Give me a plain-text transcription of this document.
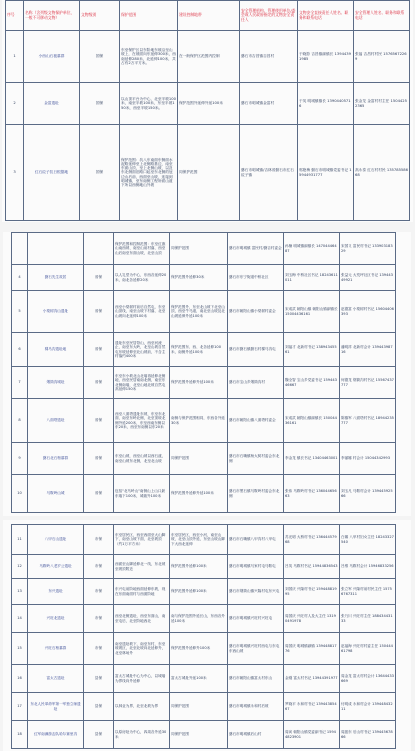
序号	名称（含列级文物保护单位，一般不可移动文物）	文物级别	保护范围	建设控制地带	安全管理机构、管理使用单位/委会或人民政府指定的文物安全责任人	文物安全直接责任人姓名、职务和联系电话	安全管理人姓名、职务和联系电话
1	小西山石板墓群	国保	东至保护区以东阶地东坡沿至山坡上，在坡面向东延伸300米，西南延伸280米，北延伸100米，共占有2万平方米。	在一般保护区范围内控制	磐石市吉昌镇吉昌村	于晓影 吉昌镇副镇长 13944391985	张福 吉昌村村民 15765672269
2	金富遗址	国保	以山顶平台为中心，北至半坡100米，南至半坡100米，东至半坡150米，西至半坡150米。	保护范围外延伸外延100米	磐石市明城镇金富村	于英 明城镇镇长 13904405716	张金龙 金富村村主任 15044252365
3	红石砬子抗日根据地	国保	保护范围：坑八东南面东侧面水泥路延伸至上北侧路基边，南至东面山顶，至上北侧山坡，以及东北侧面泊路口起至东北侧的冠边山后前，西面至山坡，连接到明城镇，至东南侧工程所面山道下所以西侧地山外坡	同保护范围	磐石市明城镇/吉林省磐石市红石砬子镇	郭艳梅 磐石市明城镇党委书记 15944931777	高永泰 红石村村民 13578558668
			保护范围和控制范围：东至红旗山南西坡、南至山前村落，西至山后南至东面山坡，北至山顶	同保护范围	磐石市明城镇 富民村/磐吉村委会	孙楠 明城镇副镇长 14704446487	宋国义 富民村书记 13390318329
4	磐石先生故居	省保	以人礼堂为中心，东西各延伸20米，南北各延伸20米	保护范围外延伸30米	磐石市东宁街道中桥社区	刘玉梅 中桥社区书记 18243611011	张益元 大荒坪社区书记 13944349921
5	小梨树沟山遗址	省保	西至小梨树村前后自然屯，东至山顶线，南至山坡下村落，北至山坡向北延伸100米	保护范围外，东至北山坡下北至山顶，西至牛马道，南北至山坡及北山坡延伸外延100米	磐石市朝阳山镇小梨树村委会	宋成武 朝阳山镇 朝阳山镇副镇长 15004436161	赵德富 小梨树村书记 15604406393
6	梯马沟遗址地	省保	遗址东至民居背山，西至河流止，南至东大岭，北至山坡自然屯东坡延伸至北山坡前，不含主村落约400米	保护范围东、西、北各延伸100米，南侧外延100米	磐石市磐石镇磐石村梯马沟屯	刘福才 北新村书记 13894345561	潘明祥 北新村会计 13944398716
7	烟筒沟城址	省保	东至东小坡北山北墙再延伸北侧地，西至民居南南北侧，南至东北侧南墙，北至山地北坡自然屯高延伸150米	保护范围外延伸外延100米	磐石市宝山乡烟筒沟村	魏全智 宝山乡党委书记 15944346667	何德龙 烟筒沟村书记 15567437777
8	八面塔遗址	省保	西至八面塔遗址东坡，东至东北面，南至东岭北侧，北至顶坡北侧外延200米，东至西南东侧以东20米，西至东南侧以东20米	南侧与保护范围相同，东西各外延30米	磐石市朝阳山镇八面塔村委会	宋成武 朝阳山镇副镇长 15004436161	陈镇军 八面塔村书记 18944235777
9	磐石北石棺墓群	省保	东至山坡，西至山坡以西石渡，南至山坡东北侧，北至北山坡	同保护范围	磐石市石嘴镇杨大树村委会东北侧	李金龙 镇长书记 13404463001	李丽娜 村会计 15044342993
10	马鞍岭山城	省保	包括"北马岭山"南侧山上山口最东墙下100米，城墙外100米	保护范围外延伸外延100米	磐石市黑石镇马鞍岭村委会东北侧	张伟 马鞍岭村书记 13604465663	刘玉凡 马鞍村会计 13944592566
11	八甲石山遗址	市保	东至居民区，西至西面至大山脚下，南至山坡下面，北至坡顶（约1万平方米）	东至居民区，西至小河，南至山坡，北至山顶外延，东至山坡山脚下大西北延伸	磐石市石嘴镇八甲沟村八甲屯	苏光明 大桥村书记 13644457968	白娜 八甲村妇女主任 18243327540
12	马鞍岭八老岁公遗址	市保	西面至山脚延伸北一线，东北坡至坡顶附近	保护范围外延伸100米	磐石市明城镇马家村屯马鞍屯	吕英 马鞍村书记 15944836543	吕维 马鞍村会计 15946833256
13	东兴遗址	市保	东兴屯前阶地西面延伸东坡，现在东面南面村与西面阶地	保护范围外延伸100米	磐石市烟筒山镇兴隆村屯东兴屯	刘国庆 兴隆村书记 15944881995	张立军 兴隆村前村民主任 15756767311
14	兴旺北遗址	市保	西至北侧遗址，西至东面山，南至屯后，北至阶地西北	南与保护范围外延长山，东西各外延100米	磐石市明城镇兴旺村兴旺屯	周国庆 兴旺村人及大主任 13190491978	张乃川 兴旺村主任 18843443133
15	兴旺石棺墓群	市保	南至遗址坡下，南至东村，东至坡坡区，北至北坡向北延伸外，北至林场外	保护范围外延伸外100米	磐石市明城镇兴旺村西屯与东屯东西山坡	周国庆 明城镇副镇 13944881776	赵福海 兴旺村村委主任 15044461798
16	富太古遗址	县保	富太古城址中心为中心，以城墙为界线向外延伸	富太古城址外延100米	磐石市朝阳山镇富太村东山	金刚 富太村书记 13944391977	周金龙 富太村村会计 13644433669
17	东北人民革命军第一军独立师遗址	县保	以林业为界，北至北坡为界	同保护范围	磐石市明城镇永和村后坡	罗晓平 永和村书记 13944385467	付明成 永和村会计 13944843211
18	红军南满游击队哈尔赛里沟	县保	以原房址为中心，四周各外延30米	同保护范围	磐石市明城镇后山村	周寅 朝阳山镇党委副书记 15944823901	周振东 后山村书记 13944567866
